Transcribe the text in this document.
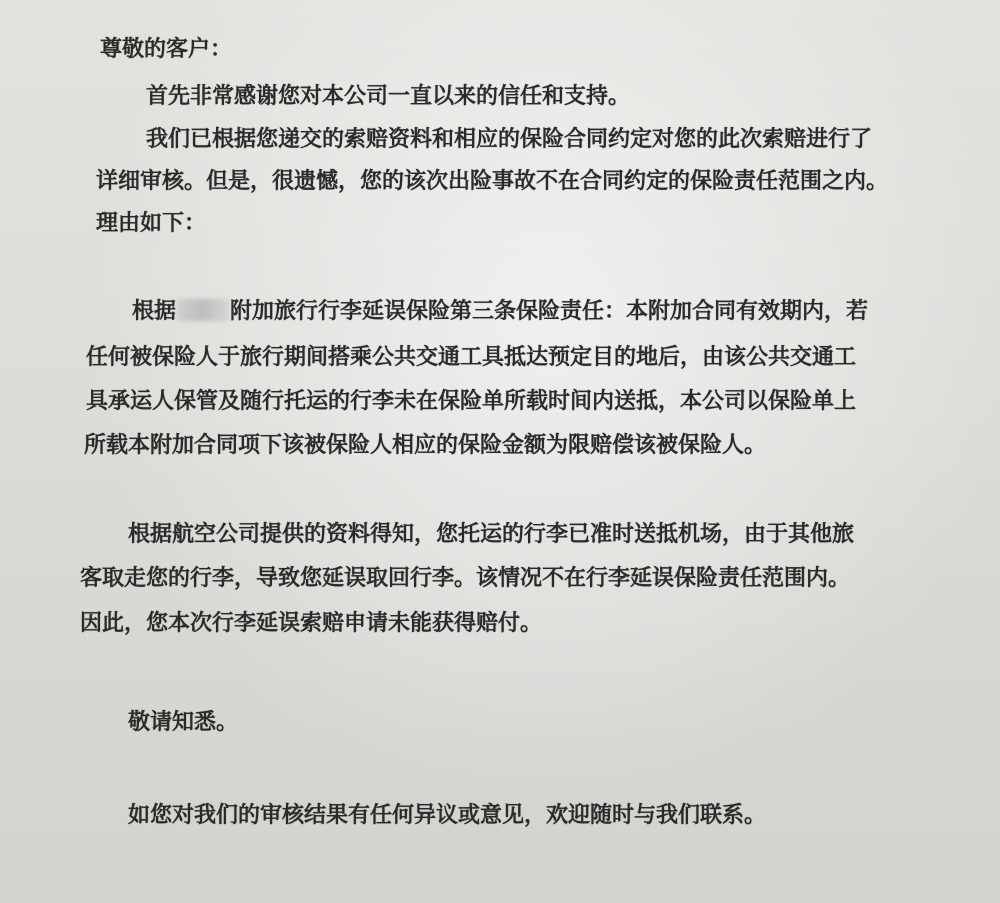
尊敬的客户：

首先非常感谢您对本公司一直以来的信任和支持。

我们已根据您递交的索赔资料和相应的保险合同约定对您的此次索赔进行了

详细审核。但是，很遗憾，您的该次出险事故不在合同约定的保险责任范围之内。

理由如下：

根据 附加旅行行李延误保险第三条保险责任：本附加合同有效期内，若

任何被保险人于旅行期间搭乘公共交通工具抵达预定目的地后，由该公共交通工

具承运人保管及随行托运的行李未在保险单所载时间内送抵，本公司以保险单上

所载本附加合同项下该被保险人相应的保险金额为限赔偿该被保险人。

根据航空公司提供的资料得知，您托运的行李已准时送抵机场，由于其他旅

客取走您的行李，导致您延误取回行李。该情况不在行李延误保险责任范围内。

因此，您本次行李延误索赔申请未能获得赔付。

敬请知悉。

如您对我们的审核结果有任何异议或意见，欢迎随时与我们联系。
